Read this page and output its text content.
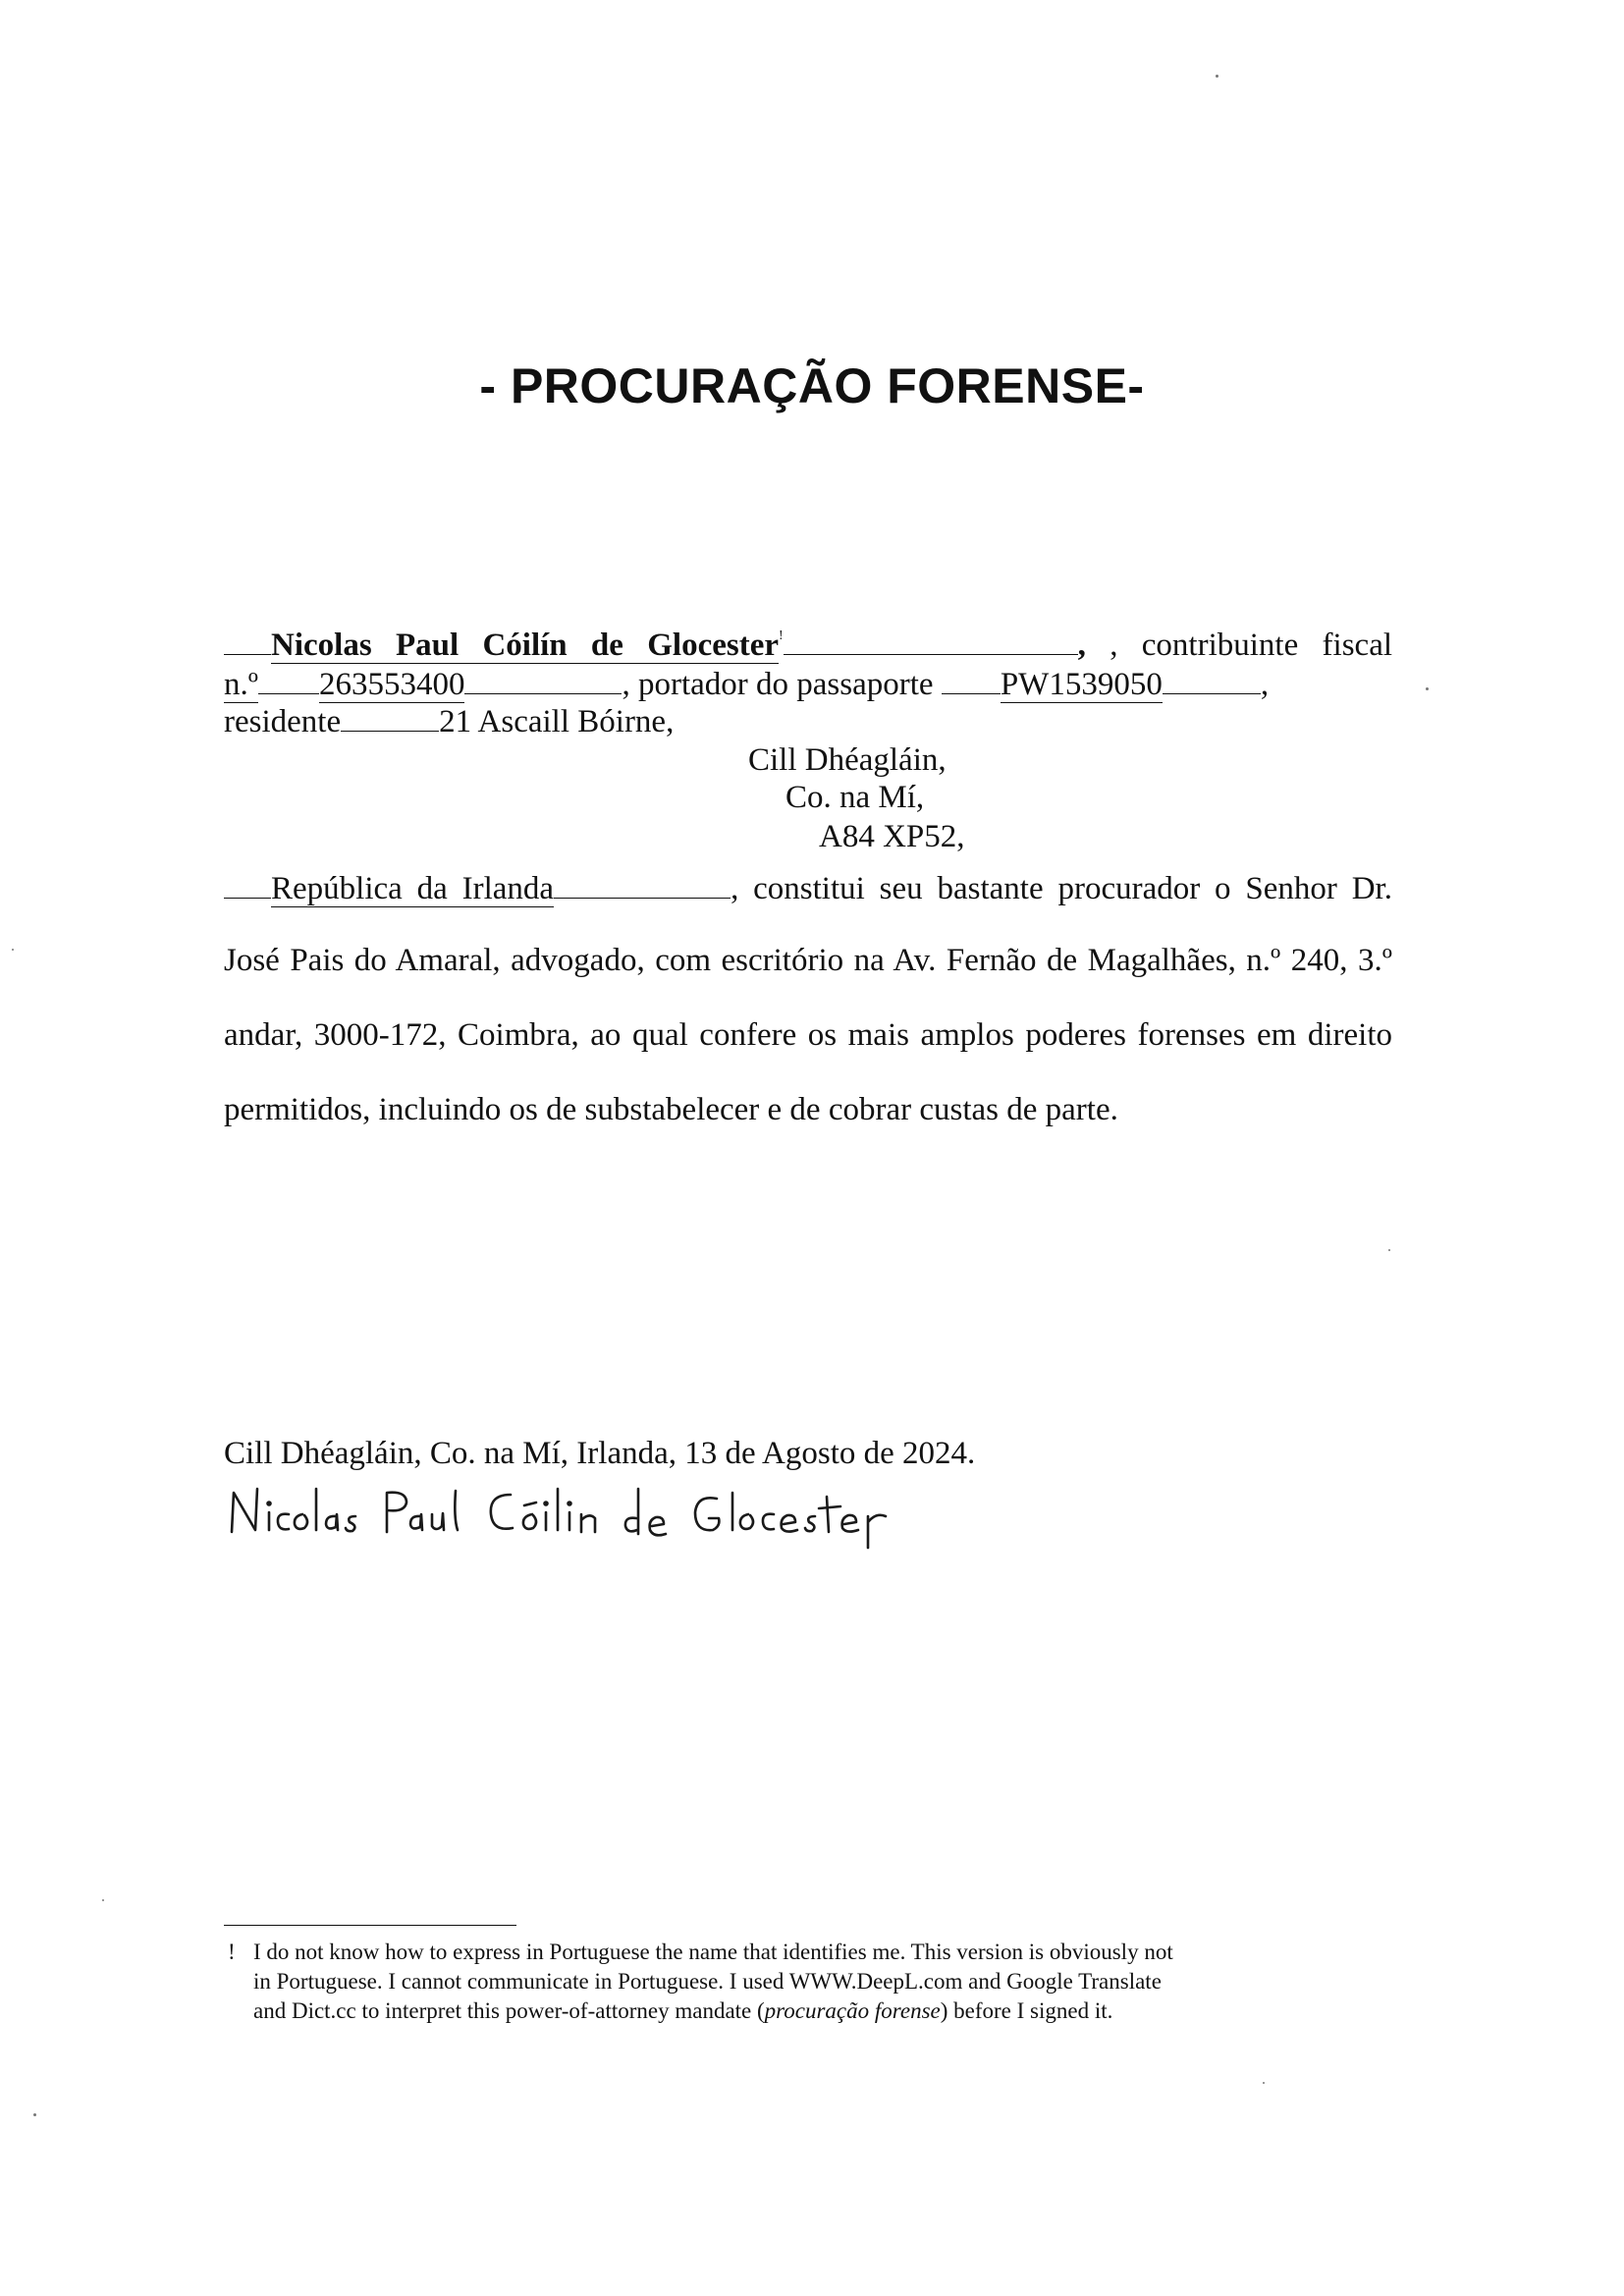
- PROCURAÇÃO FORENSE-
Nicolas Paul Cóilín de Glocester!	, , contribuinte fiscal
n.º 263553400	, portador do passaporte PW1539050	,
residente	21 Ascaill Bóirne,
Cill Dhéagláin,
Co. na Mí,
A84 XP52,
República da Irlanda	, constitui seu bastante procurador o Senhor Dr.
José Pais do Amaral, advogado, com escritório na Av. Fernão de Magalhães, n.º 240, 3.º
andar, 3000-172, Coimbra, ao qual confere os mais amplos poderes forenses em direito
permitidos, incluindo os de substabelecer e de cobrar custas de parte.
Cill Dhéagláin, Co. na Mí, Irlanda, 13 de Agosto de 2024.
! I do not know how to express in Portuguese the name that identifies me. This version is obviously not
in Portuguese. I cannot communicate in Portuguese. I used WWW.DeepL.com and Google Translate
and Dict.cc to interpret this power-of-attorney mandate (procuração forense) before I signed it.
